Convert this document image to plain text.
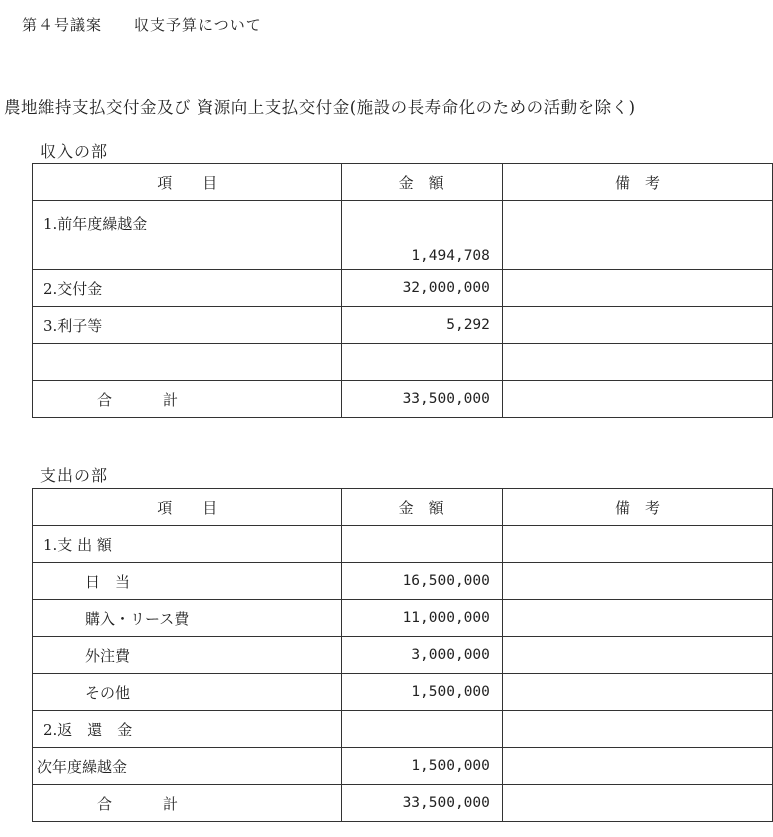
第４号議案　　収支予算について
農地維持支払交付金及び 資源向上支払交付金(施設の長寿命化のための活動を除く)
収入の部
項　　目	金　額	備　考
1.前年度繰越金	1,494,708	
2.交付金	32,000,000	
3.利子等	5,292	

合　計	33,500,000	
支出の部
項　　目	金　額	備　考
1.支 出 額		
日　当	16,500,000	
購入・リース費	11,000,000	
外注費	3,000,000	
その他	1,500,000	
2.返　還　金		
次年度繰越金	1,500,000	
合　計	33,500,000	
